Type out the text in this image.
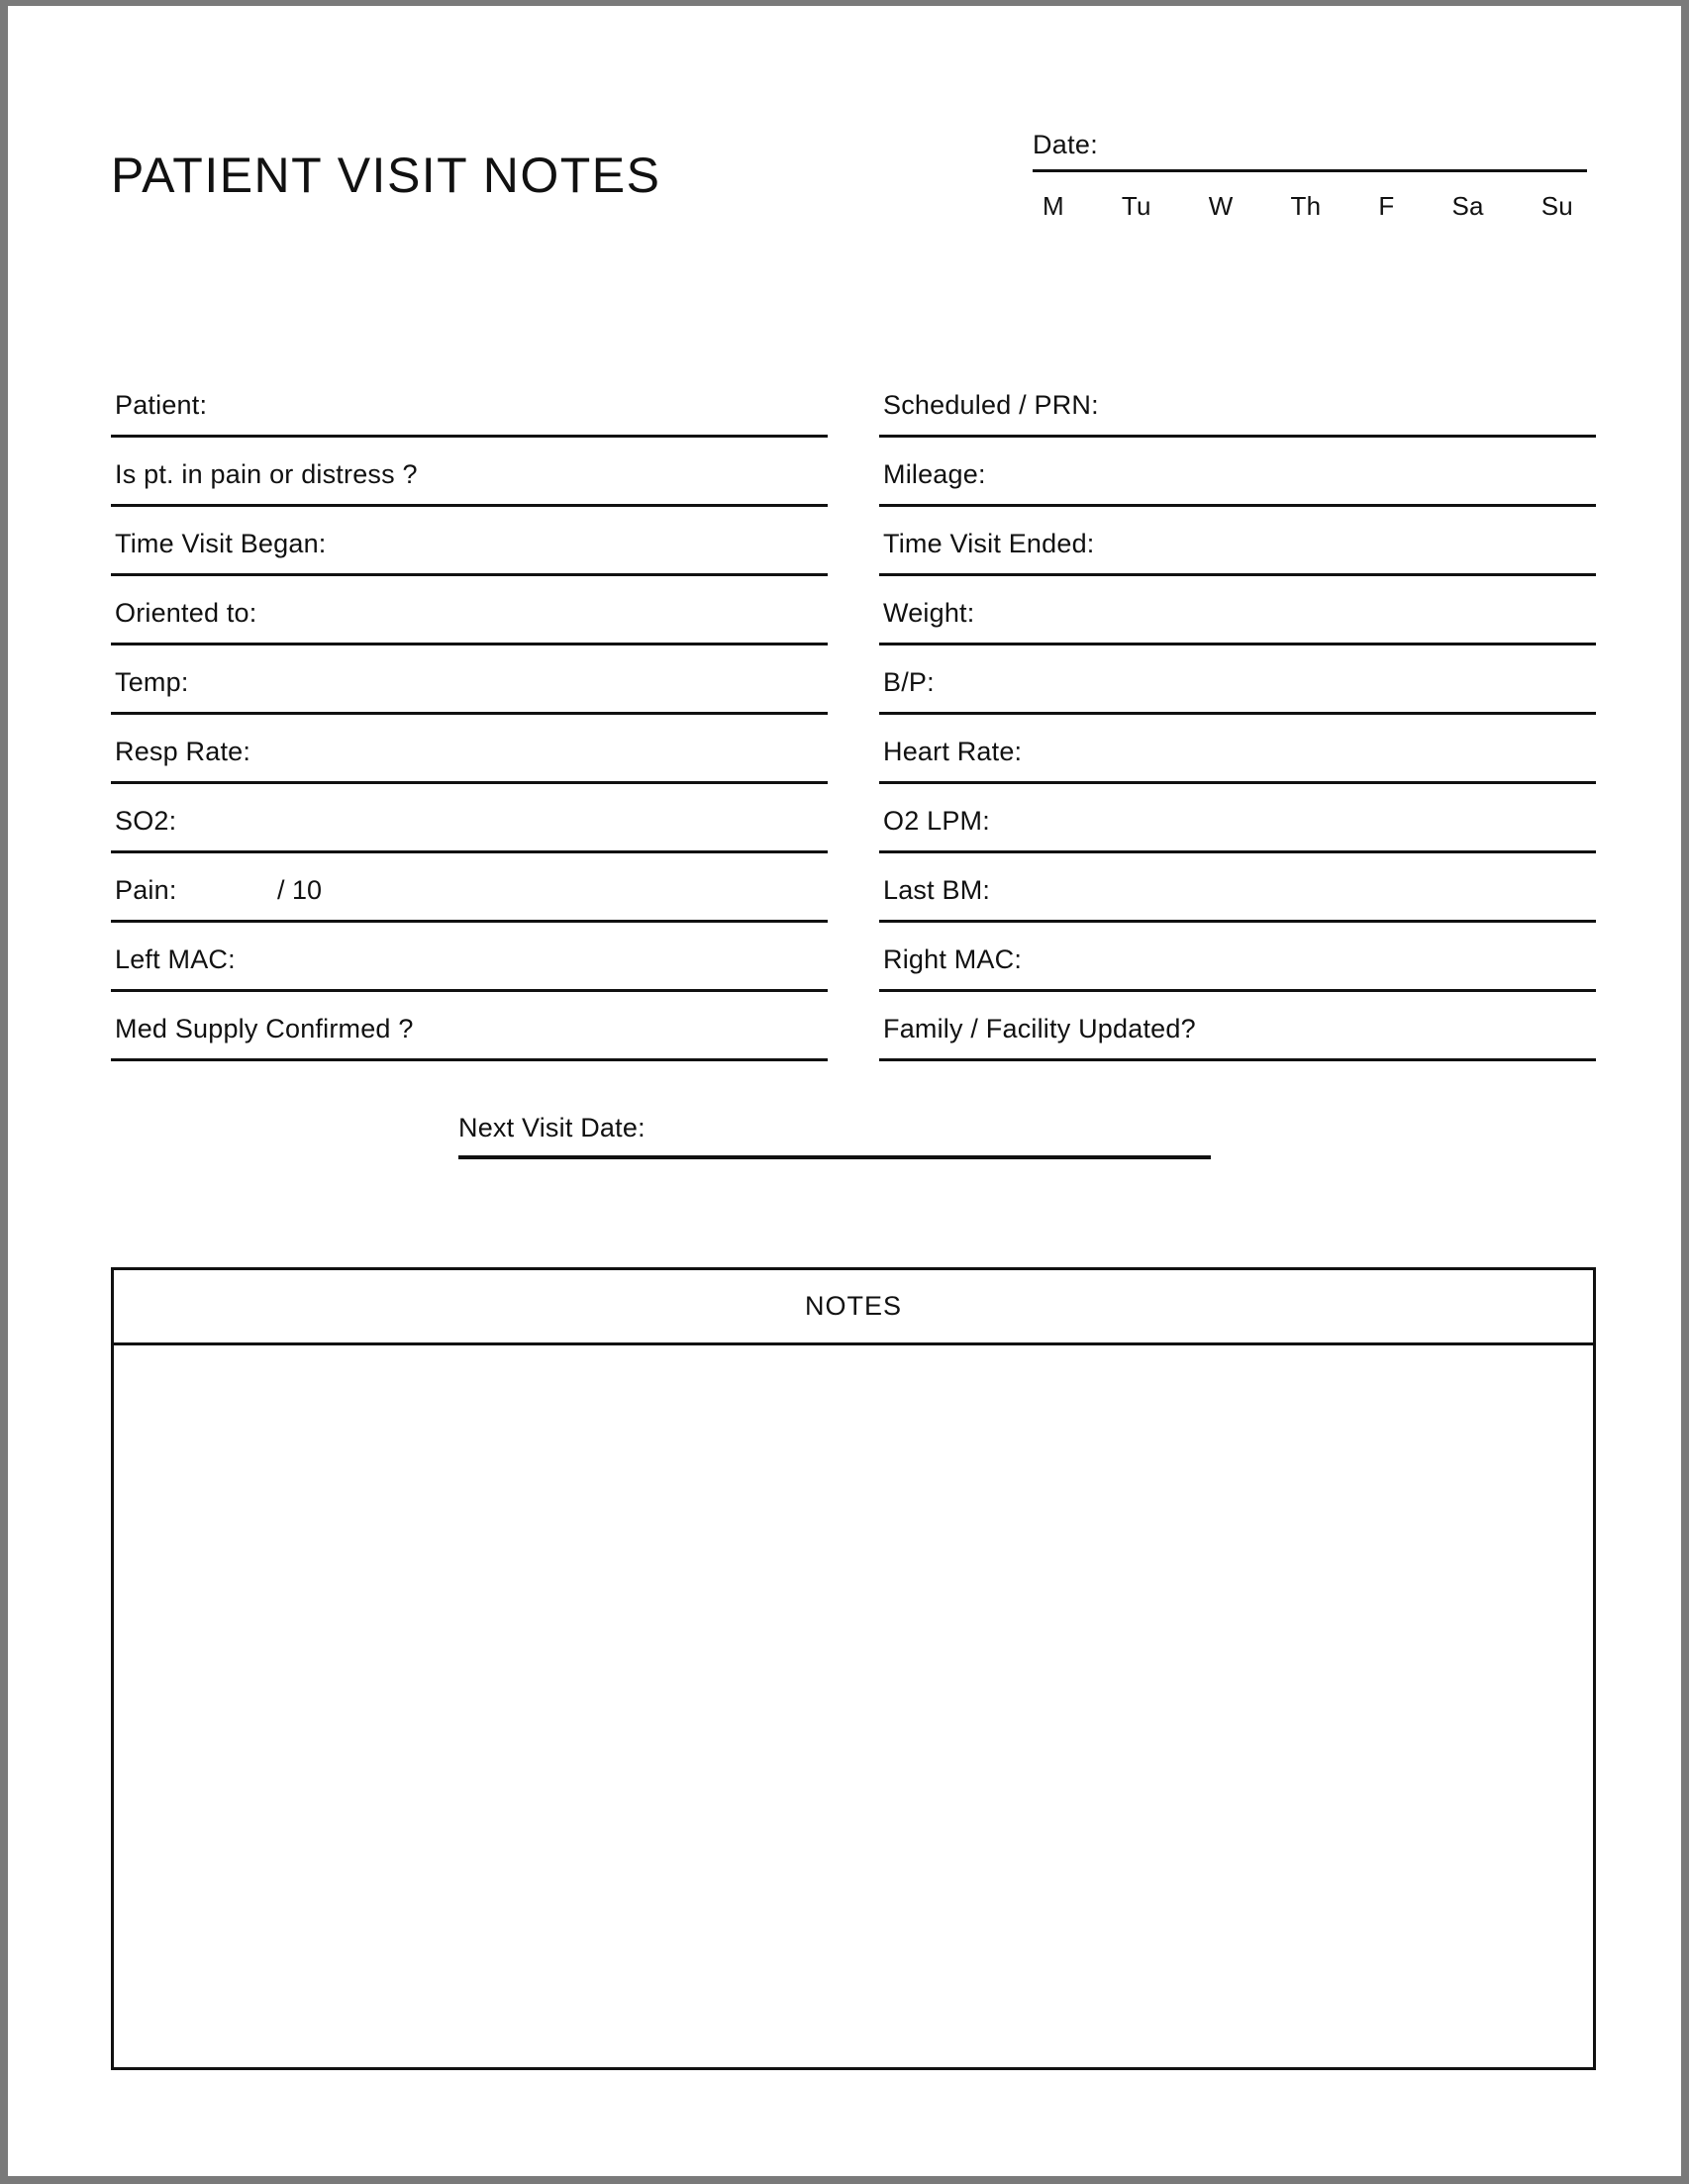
PATIENT VISIT NOTES
Date:
M Tu W Th F Sa Su
Patient:
Is pt. in pain or distress ?
Time Visit Began:
Oriented to:
Temp:
Resp Rate:
SO2:
Pain:	/ 10
Left MAC:
Med Supply Confirmed ?
Scheduled / PRN:
Mileage:
Time Visit Ended:
Weight:
B/P:
Heart Rate:
O2 LPM:
Last BM:
Right MAC:
Family / Facility Updated?
Next Visit Date:
NOTES
